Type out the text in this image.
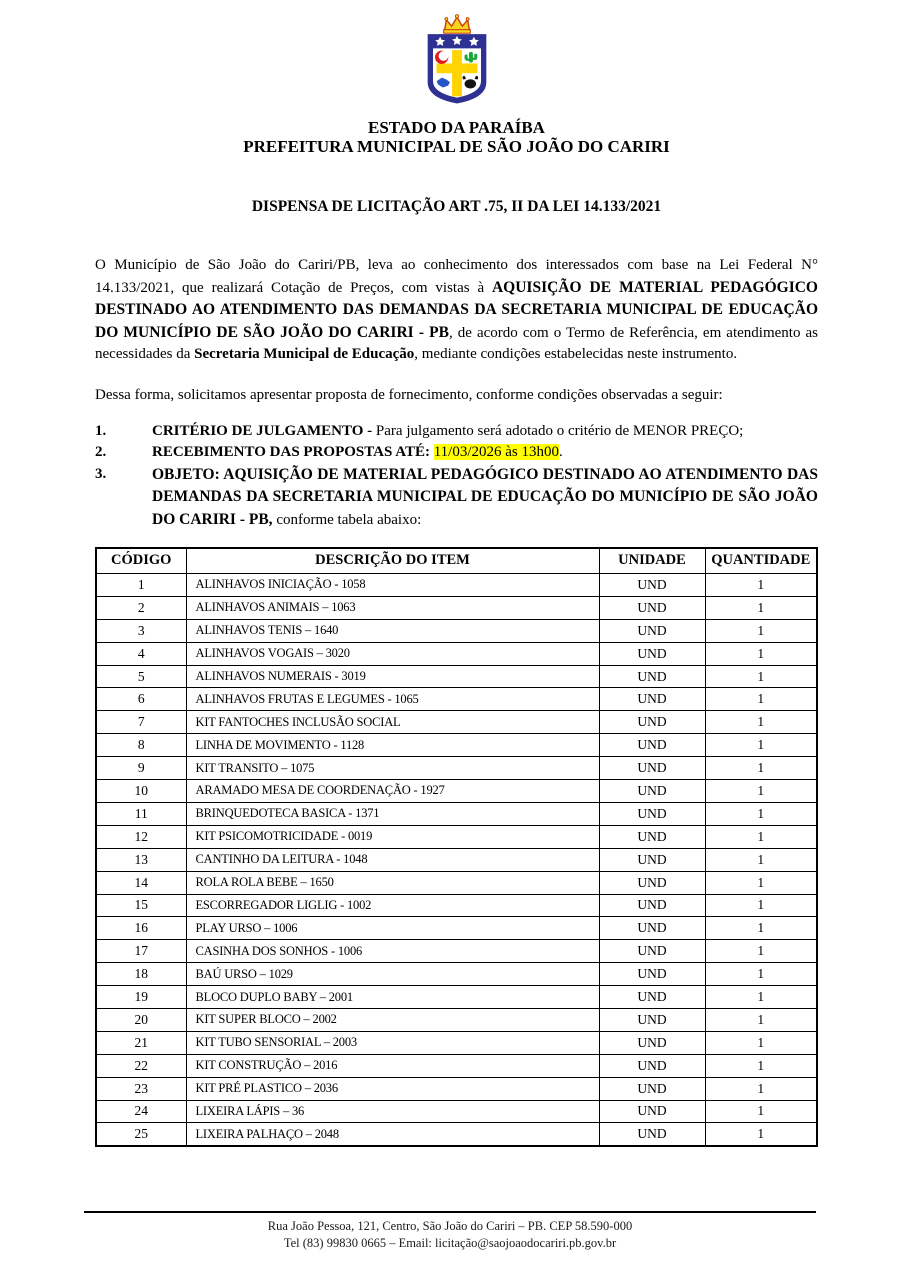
ESTADO DA PARAÍBA
PREFEITURA MUNICIPAL DE SÃO JOÃO DO CARIRI
DISPENSA DE LICITAÇÃO ART .75, II DA LEI 14.133/2021

O Município de São João do Cariri/PB, leva ao conhecimento dos interessados com base na Lei Federal N° 14.133/2021, que realizará Cotação de Preços, com vistas à AQUISIÇÃO DE MATERIAL PEDAGÓGICO DESTINADO AO ATENDIMENTO DAS DEMANDAS DA SECRETARIA MUNICIPAL DE EDUCAÇÃO DO MUNICÍPIO DE SÃO JOÃO DO CARIRI - PB, de acordo com o Termo de Referência, em atendimento as necessidades da Secretaria Municipal de Educação, mediante condições estabelecidas neste instrumento.

Dessa forma, solicitamos apresentar proposta de fornecimento, conforme condições observadas a seguir:

1.	CRITÉRIO DE JULGAMENTO - Para julgamento será adotado o critério de MENOR PREÇO;
2.	RECEBIMENTO DAS PROPOSTAS ATÉ: 11/03/2026 às 13h00.
3.	OBJETO: AQUISIÇÃO DE MATERIAL PEDAGÓGICO DESTINADO AO ATENDIMENTO DAS DEMANDAS DA SECRETARIA MUNICIPAL DE EDUCAÇÃO DO MUNICÍPIO DE SÃO JOÃO DO CARIRI - PB, conforme tabela abaixo:
CÓDIGO	DESCRIÇÃO DO ITEM	UNIDADE	QUANTIDADE
1	ALINHAVOS INICIAÇÃO - 1058	UND	1
2	ALINHAVOS ANIMAIS – 1063	UND	1
3	ALINHAVOS TENIS – 1640	UND	1
4	ALINHAVOS VOGAIS – 3020	UND	1
5	ALINHAVOS NUMERAIS - 3019	UND	1
6	ALINHAVOS FRUTAS E LEGUMES - 1065	UND	1
7	KIT FANTOCHES INCLUSÃO SOCIAL	UND	1
8	LINHA DE MOVIMENTO - 1128	UND	1
9	KIT TRANSITO – 1075	UND	1
10	ARAMADO MESA DE COORDENAÇÃO - 1927	UND	1
11	BRINQUEDOTECA BASICA - 1371	UND	1
12	KIT PSICOMOTRICIDADE - 0019	UND	1
13	CANTINHO DA LEITURA - 1048	UND	1
14	ROLA ROLA BEBE – 1650	UND	1
15	ESCORREGADOR LIGLIG - 1002	UND	1
16	PLAY URSO – 1006	UND	1
17	CASINHA DOS SONHOS - 1006	UND	1
18	BAÚ URSO – 1029	UND	1
19	BLOCO DUPLO BABY – 2001	UND	1
20	KIT SUPER BLOCO – 2002	UND	1
21	KIT TUBO SENSORIAL – 2003	UND	1
22	KIT CONSTRUÇÃO – 2016	UND	1
23	KIT PRÉ PLASTICO – 2036	UND	1
24	LIXEIRA LÁPIS – 36	UND	1
25	LIXEIRA PALHAÇO – 2048	UND	1
Rua João Pessoa, 121, Centro, São João do Cariri – PB. CEP 58.590-000
Tel (83) 99830 0665 – Email: licitação@saojoaodocariri.pb.gov.br
